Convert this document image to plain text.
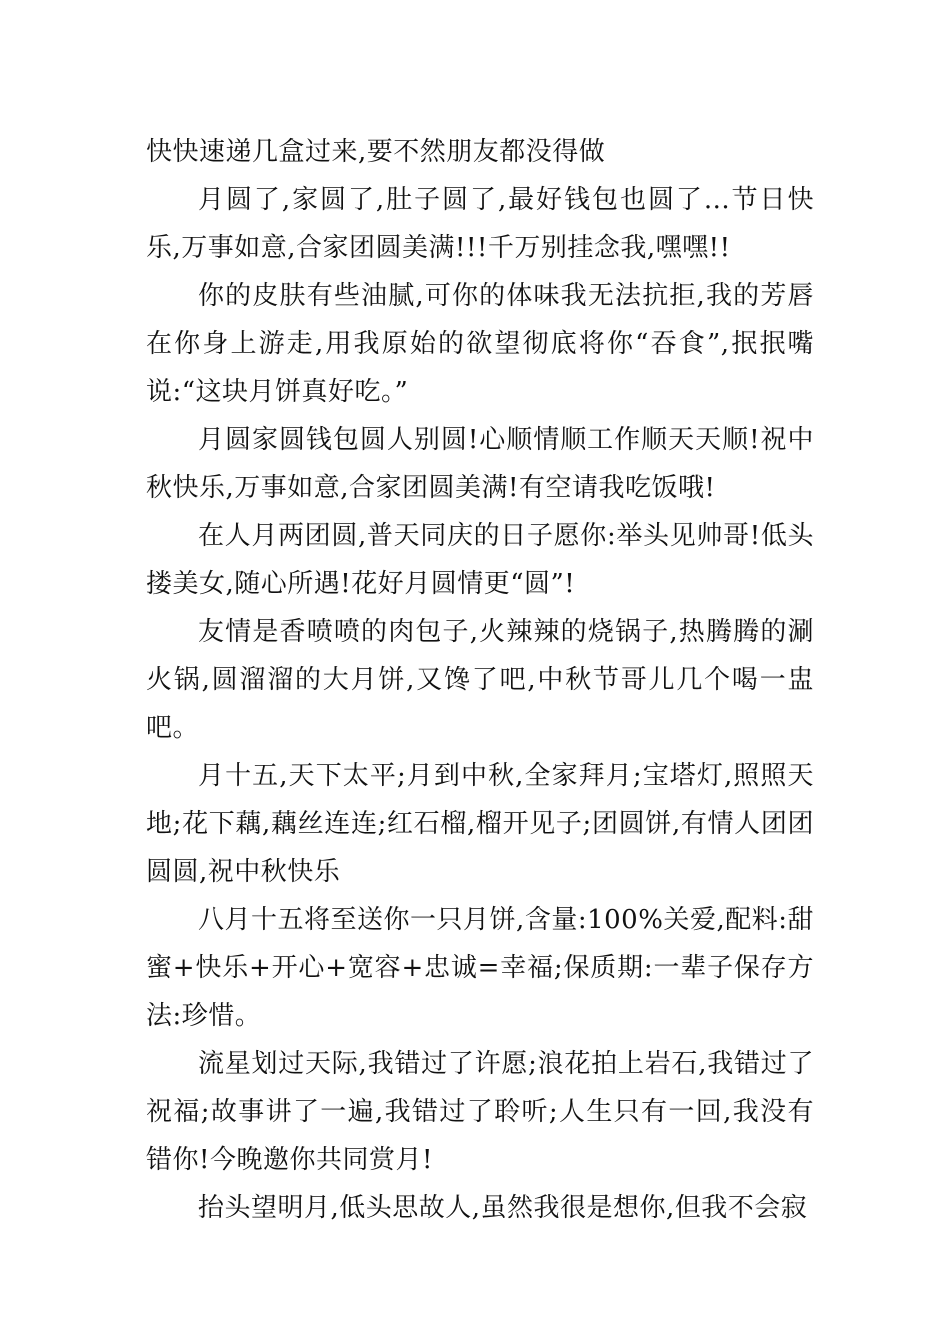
快快速递几盒过来,要不然朋友都没得做

月圆了,家圆了,肚子圆了,最好钱包也圆了...节日快乐,万事如意,合家团圆美满!!!千万别挂念我,嘿嘿!!

你的皮肤有些油腻,可你的体味我无法抗拒,我的芳唇在你身上游走,用我原始的欲望彻底将你“吞食”,抿抿嘴说:“这块月饼真好吃。”

月圆家圆钱包圆人别圆!心顺情顺工作顺天天顺!祝中秋快乐,万事如意,合家团圆美满!有空请我吃饭哦!

在人月两团圆,普天同庆的日子愿你:举头见帅哥!低头搂美女,随心所遇!花好月圆情更“圆”!

友情是香喷喷的肉包子,火辣辣的烧锅子,热腾腾的涮火锅,圆溜溜的大月饼,又馋了吧,中秋节哥儿几个喝一盅吧。

月十五,天下太平;月到中秋,全家拜月;宝塔灯,照照天地;花下藕,藕丝连连;红石榴,榴开见子;团圆饼,有情人团团圆圆,祝中秋快乐

八月十五将至送你一只月饼,含量:100%关爱,配料:甜蜜+快乐+开心+宽容+忠诚=幸福;保质期:一辈子保存方法:珍惜。

流星划过天际,我错过了许愿;浪花拍上岩石,我错过了祝福;故事讲了一遍,我错过了聆听;人生只有一回,我没有错你!今晚邀你共同赏月!

抬头望明月,低头思故人,虽然我很是想你,但我不会寂
